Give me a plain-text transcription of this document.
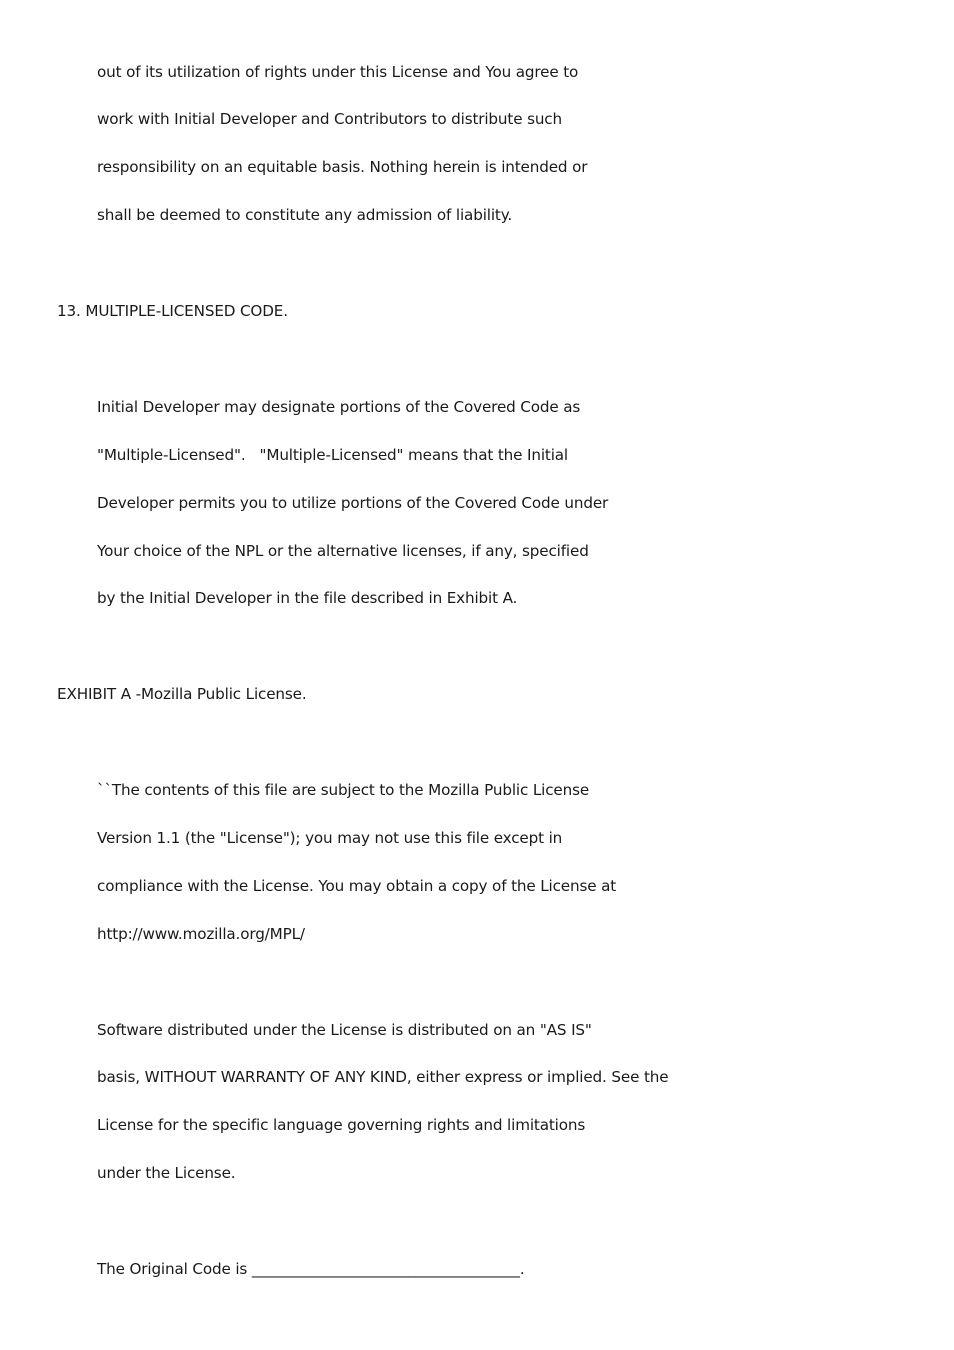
out of its utilization of rights under this License and You agree to

work with Initial Developer and Contributors to distribute such

responsibility on an equitable basis. Nothing herein is intended or

shall be deemed to constitute any admission of liability.

13. MULTIPLE-LICENSED CODE.

Initial Developer may designate portions of the Covered Code as

"Multiple-Licensed".   "Multiple-Licensed" means that the Initial

Developer permits you to utilize portions of the Covered Code under

Your choice of the NPL or the alternative licenses, if any, specified

by the Initial Developer in the file described in Exhibit A.

EXHIBIT A -Mozilla Public License.

``The contents of this file are subject to the Mozilla Public License

Version 1.1 (the "License"); you may not use this file except in

compliance with the License. You may obtain a copy of the License at

http://www.mozilla.org/MPL/

Software distributed under the License is distributed on an "AS IS"

basis, WITHOUT WARRANTY OF ANY KIND, either express or implied. See the

License for the specific language governing rights and limitations

under the License.

The Original Code is ____________________________________.
